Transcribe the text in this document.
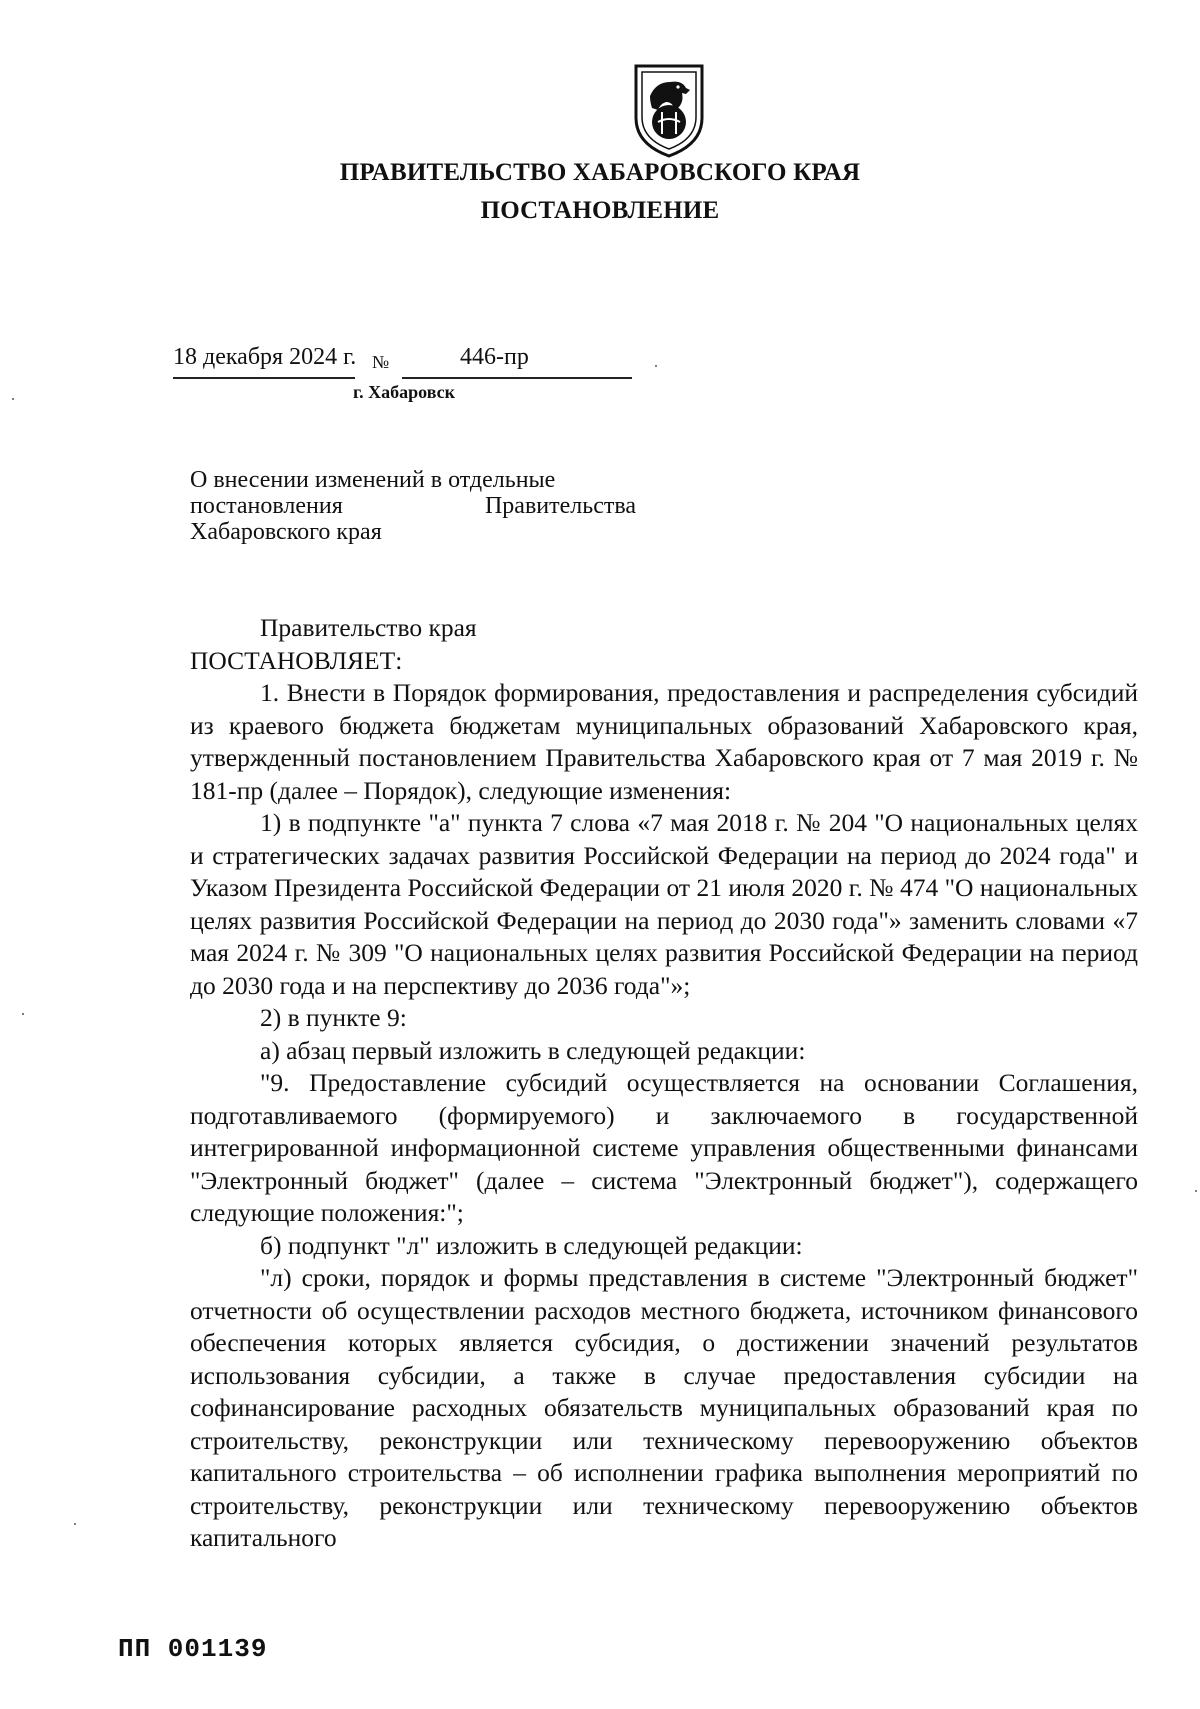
ПРАВИТЕЛЬСТВО ХАБАРОВСКОГО КРАЯ
ПОСТАНОВЛЕНИЕ
18 декабря 2024 г. №	446-пр
г. Хабаровск
О внесении изменений в отдельные
постановления	Правительства
Хабаровского края
Правительство края
ПОСТАНОВЛЯЕТ:
1. Внести в Порядок формирования, предоставления и распределения субсидий из краевого бюджета бюджетам муниципальных образований Хабаровского края, утвержденный постановлением Правительства Хабаровского края от 7 мая 2019 г. № 181-пр (далее – Порядок), следующие изменения:
1) в подпункте "а" пункта 7 слова «7 мая 2018 г. № 204 "О национальных целях и стратегических задачах развития Российской Федерации на период до 2024 года" и Указом Президента Российской Федерации от 21 июля 2020 г. № 474 "О национальных целях развития Российской Федерации на период до 2030 года"» заменить словами «7 мая 2024 г. № 309 "О национальных целях развития Российской Федерации на период до 2030 года и на перспективу до 2036 года"»;
2) в пункте 9:
а) абзац первый изложить в следующей редакции:
"9. Предоставление субсидий осуществляется на основании Соглашения, подготавливаемого (формируемого) и заключаемого в государственной интегрированной информационной системе управления общественными финансами "Электронный бюджет" (далее – система "Электронный бюджет"), содержащего следующие положения:";
б) подпункт "л" изложить в следующей редакции:
"л) сроки, порядок и формы представления в системе "Электронный бюджет" отчетности об осуществлении расходов местного бюджета, источником финансового обеспечения которых является субсидия, о достижении значений результатов использования субсидии, а также в случае предоставления субсидии на софинансирование расходных обязательств муниципальных образований края по строительству, реконструкции или техническому перевооружению объектов капитального строительства – об исполнении графика выполнения мероприятий по строительству, реконструкции или техническому перевооружению объектов капитального
ПП 001139
